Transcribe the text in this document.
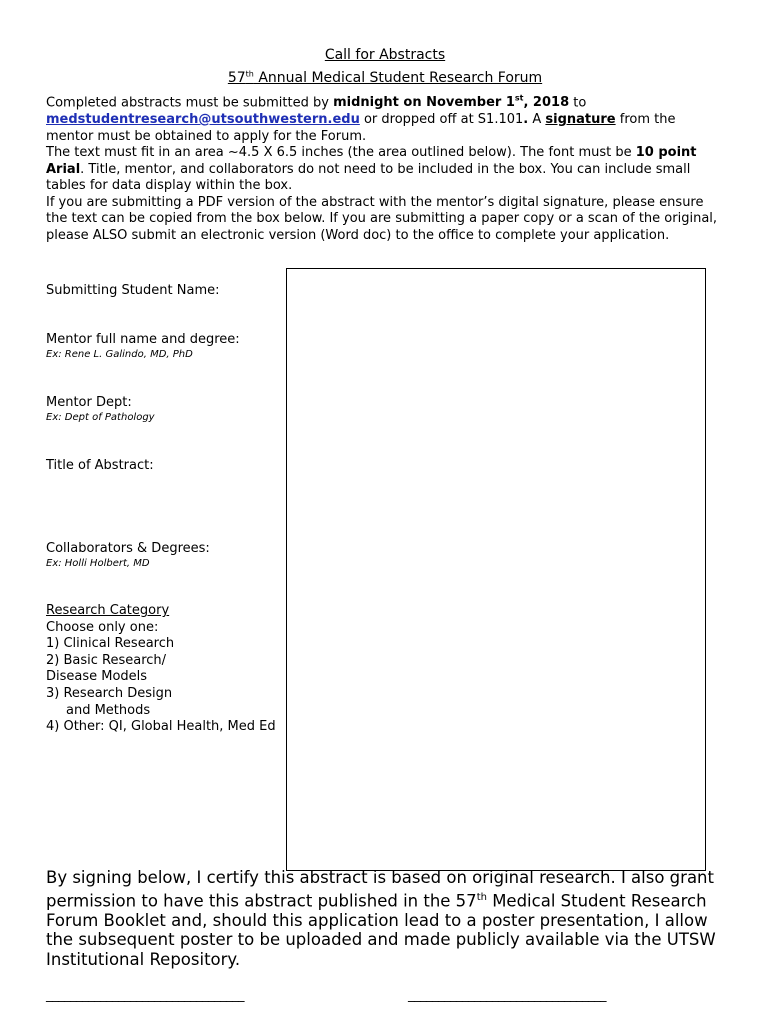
Call for Abstracts
57th Annual Medical Student Research Forum
Completed abstracts must be submitted by midnight on November 1st, 2018 to medstudentresearch@utsouthwestern.edu or dropped off at S1.101. A signature from the mentor must be obtained to apply for the Forum.
The text must fit in an area ~4.5 X 6.5 inches (the area outlined below). The font must be 10 point Arial. Title, mentor, and collaborators do not need to be included in the box. You can include small tables for data display within the box.
If you are submitting a PDF version of the abstract with the mentor’s digital signature, please ensure the text can be copied from the box below. If you are submitting a paper copy or a scan of the original, please ALSO submit an electronic version (Word doc) to the office to complete your application.
Submitting Student Name:
Mentor full name and degree:
Ex: Rene L. Galindo, MD, PhD
Mentor Dept:
Ex: Dept of Pathology
Title of Abstract:
Collaborators & Degrees:
Ex: Holli Holbert, MD
Research Category
Choose only one:
1) Clinical Research
2) Basic Research/
Disease Models
3) Research Design
and Methods
4) Other: QI, Global Health, Med Ed
By signing below, I certify this abstract is based on original research. I also grant permission to have this abstract published in the 57th Medical Student Research Forum Booklet and, should this application lead to a poster presentation, I allow the subsequent poster to be uploaded and made publicly available via the UTSW Institutional Repository.
_________________________________	_________________________________
